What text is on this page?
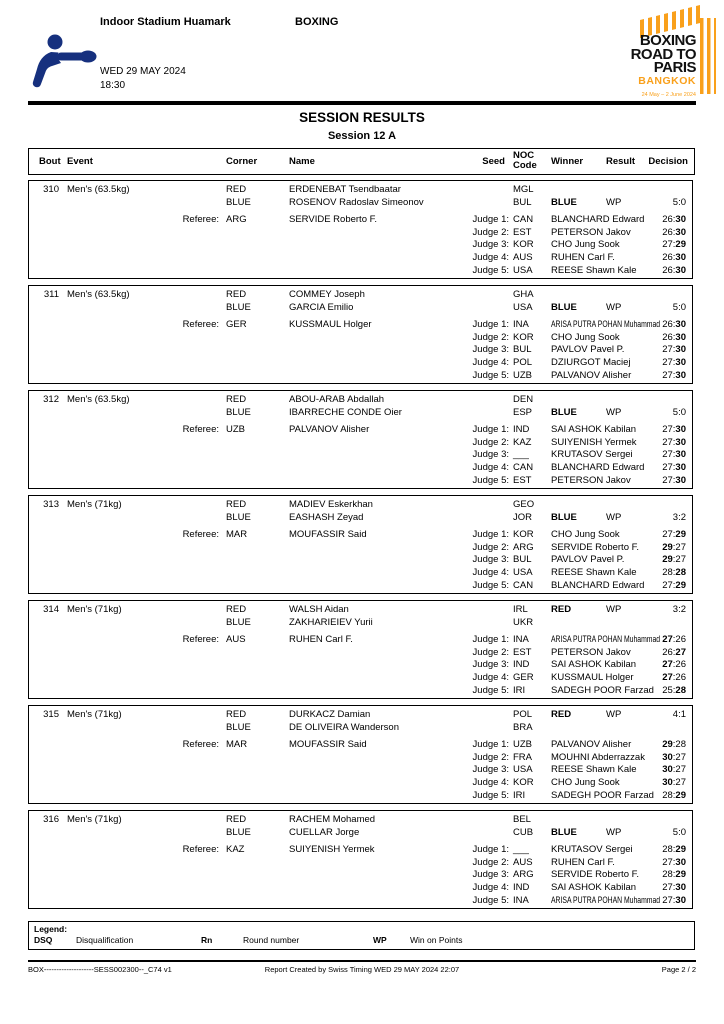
Indoor Stadium Huamark	BOXING
WED 29 MAY 2024
18:30
BOXING
ROAD TO
PARIS
BANGKOK
24 May – 2 June 2024
SESSION RESULTS
Session 12 A
Bout Event	Corner	Name	Seed
NOC
Code Winner Result Decision
310 Men's (63.5kg)	RED	ERDENEBAT Tsendbaatar	MGL
BLUE	ROSENOV Radoslav Simeonov	BUL BLUE	WP	5:0
Referee: ARG	SERVIDE Roberto F.	Judge 1: CAN BLANCHARD Edward 26:30
Judge 2: EST PETERSON Jakov	26:30
Judge 3: KOR CHO Jung Sook	27:29
Judge 4: AUS RUHEN Carl F.	26:30
Judge 5: USA REESE Shawn Kale	26:30
311 Men's (63.5kg)	RED	COMMEY Joseph	GHA
BLUE	GARCIA Emilio	USA BLUE	WP	5:0
Referee: GER	KUSSMAUL Holger	Judge 1: INA ARISA PUTRA POHAN Muhammad 26:30
Judge 2: KOR CHO Jung Sook	26:30
Judge 3: BUL PAVLOV Pavel P.	27:30
Judge 4: POL DZIURGOT Maciej	27:30
Judge 5: UZB PALVANOV Alisher	27:30
312 Men's (63.5kg)	RED	ABOU-ARAB Abdallah	DEN
BLUE	IBARRECHE CONDE Oier	ESP BLUE	WP	5:0
Referee: UZB	PALVANOV Alisher	Judge 1: IND SAI ASHOK Kabilan	27:30
Judge 2: KAZ SUIYENISH Yermek	27:30
Judge 3: ___ KRUTASOV Sergei	27:30
Judge 4: CAN BLANCHARD Edward 27:30
Judge 5: EST PETERSON Jakov	27:30
313 Men's (71kg)	RED	MADIEV Eskerkhan	GEO
BLUE	EASHASH Zeyad	JOR BLUE	WP	3:2
Referee: MAR	MOUFASSIR Said	Judge 1: KOR CHO Jung Sook	27:29
Judge 2: ARG SERVIDE Roberto F. 29:27
Judge 3: BUL PAVLOV Pavel P.	29:27
Judge 4: USA REESE Shawn Kale	28:28
Judge 5: CAN BLANCHARD Edward 27:29
314 Men's (71kg)	RED	WALSH Aidan	IRL RED	WP	3:2
BLUE	ZAKHARIEIEV Yurii	UKR
Referee: AUS	RUHEN Carl F.	Judge 1: INA ARISA PUTRA POHAN Muhammad 27:26
Judge 2: EST PETERSON Jakov	26:27
Judge 3: IND SAI ASHOK Kabilan	27:26
Judge 4: GER KUSSMAUL Holger	27:26
Judge 5: IRI	SADEGH POOR Farzad 25:28
315 Men's (71kg)	RED	DURKACZ Damian	POL RED	WP	4:1
BLUE	DE OLIVEIRA Wanderson	BRA
Referee: MAR	MOUFASSIR Said	Judge 1: UZB PALVANOV Alisher	29:28
Judge 2: FRA MOUHNI Abderrazzak 30:27
Judge 3: USA REESE Shawn Kale	30:27
Judge 4: KOR CHO Jung Sook	30:27
Judge 5: IRI	SADEGH POOR Farzad 28:29
316 Men's (71kg)	RED	RACHEM Mohamed	BEL
BLUE	CUELLAR Jorge	CUB BLUE	WP	5:0
Referee: KAZ	SUIYENISH Yermek	Judge 1: ___ KRUTASOV Sergei	28:29
Judge 2: AUS RUHEN Carl F.	27:30
Judge 3: ARG SERVIDE Roberto F. 28:29
Judge 4: IND SAI ASHOK Kabilan	27:30
Judge 5: INA ARISA PUTRA POHAN Muhammad 27:30
Legend:
DSQ	Disqualification	Rn	Round number	WP	Win on Points
BOX--------------------SESS002300--_C74 v1	Report Created by Swiss Timing WED 29 MAY 2024 22:07	Page 2 / 2
